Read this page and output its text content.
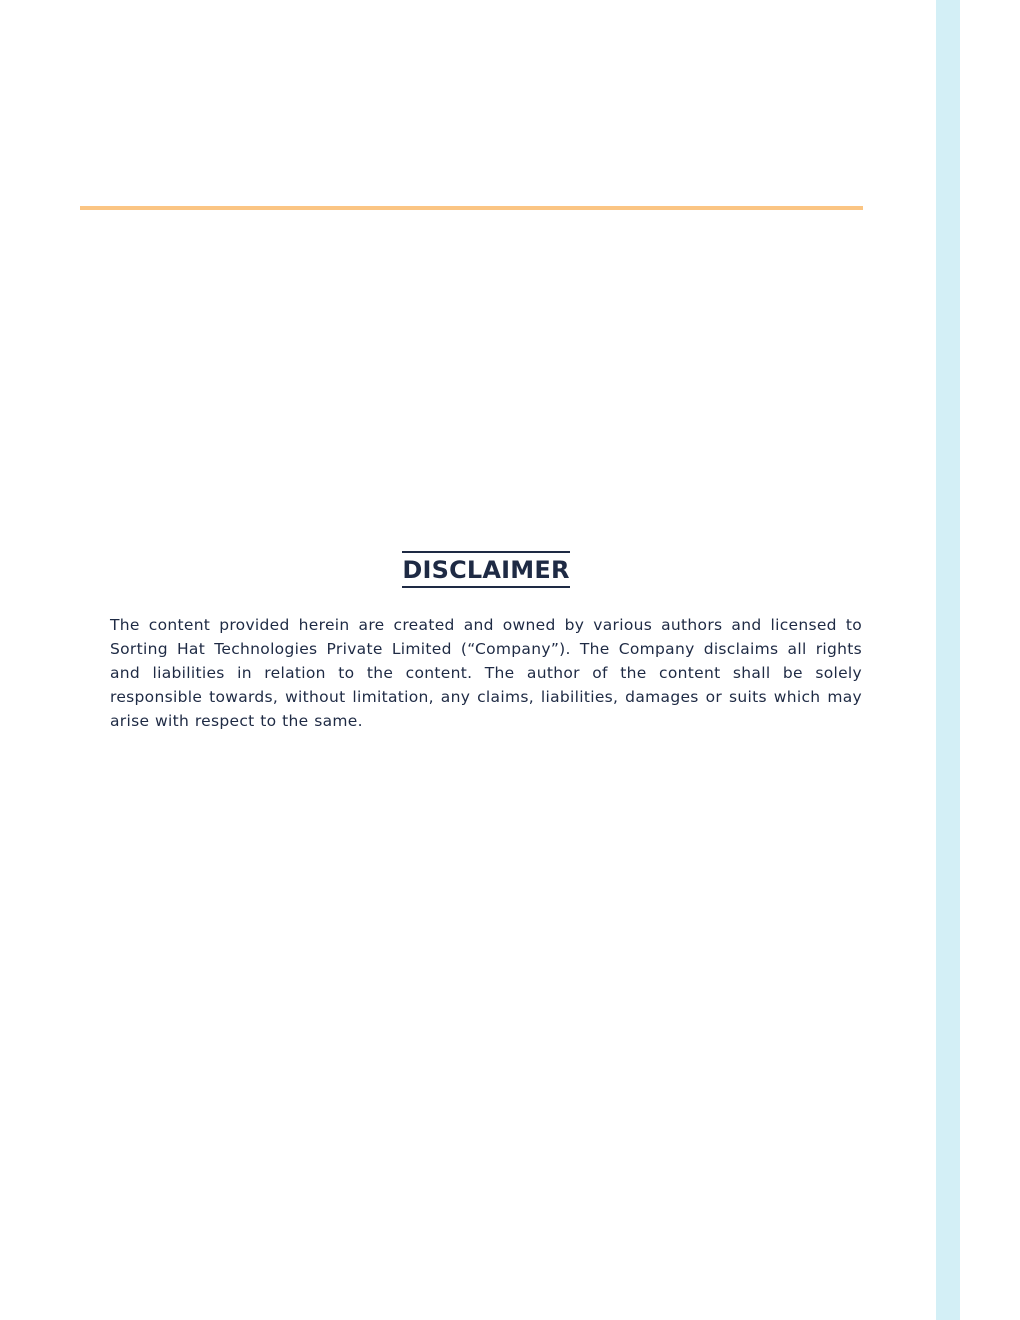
DISCLAIMER

The content provided herein are created and owned by various authors and licensed to Sorting Hat Technologies Private Limited (“Company”). The Company disclaims all rights and liabilities in relation to the content. The author of the content shall be solely responsible towards, without limitation, any claims, liabilities, damages or suits which may arise with respect to the same.
